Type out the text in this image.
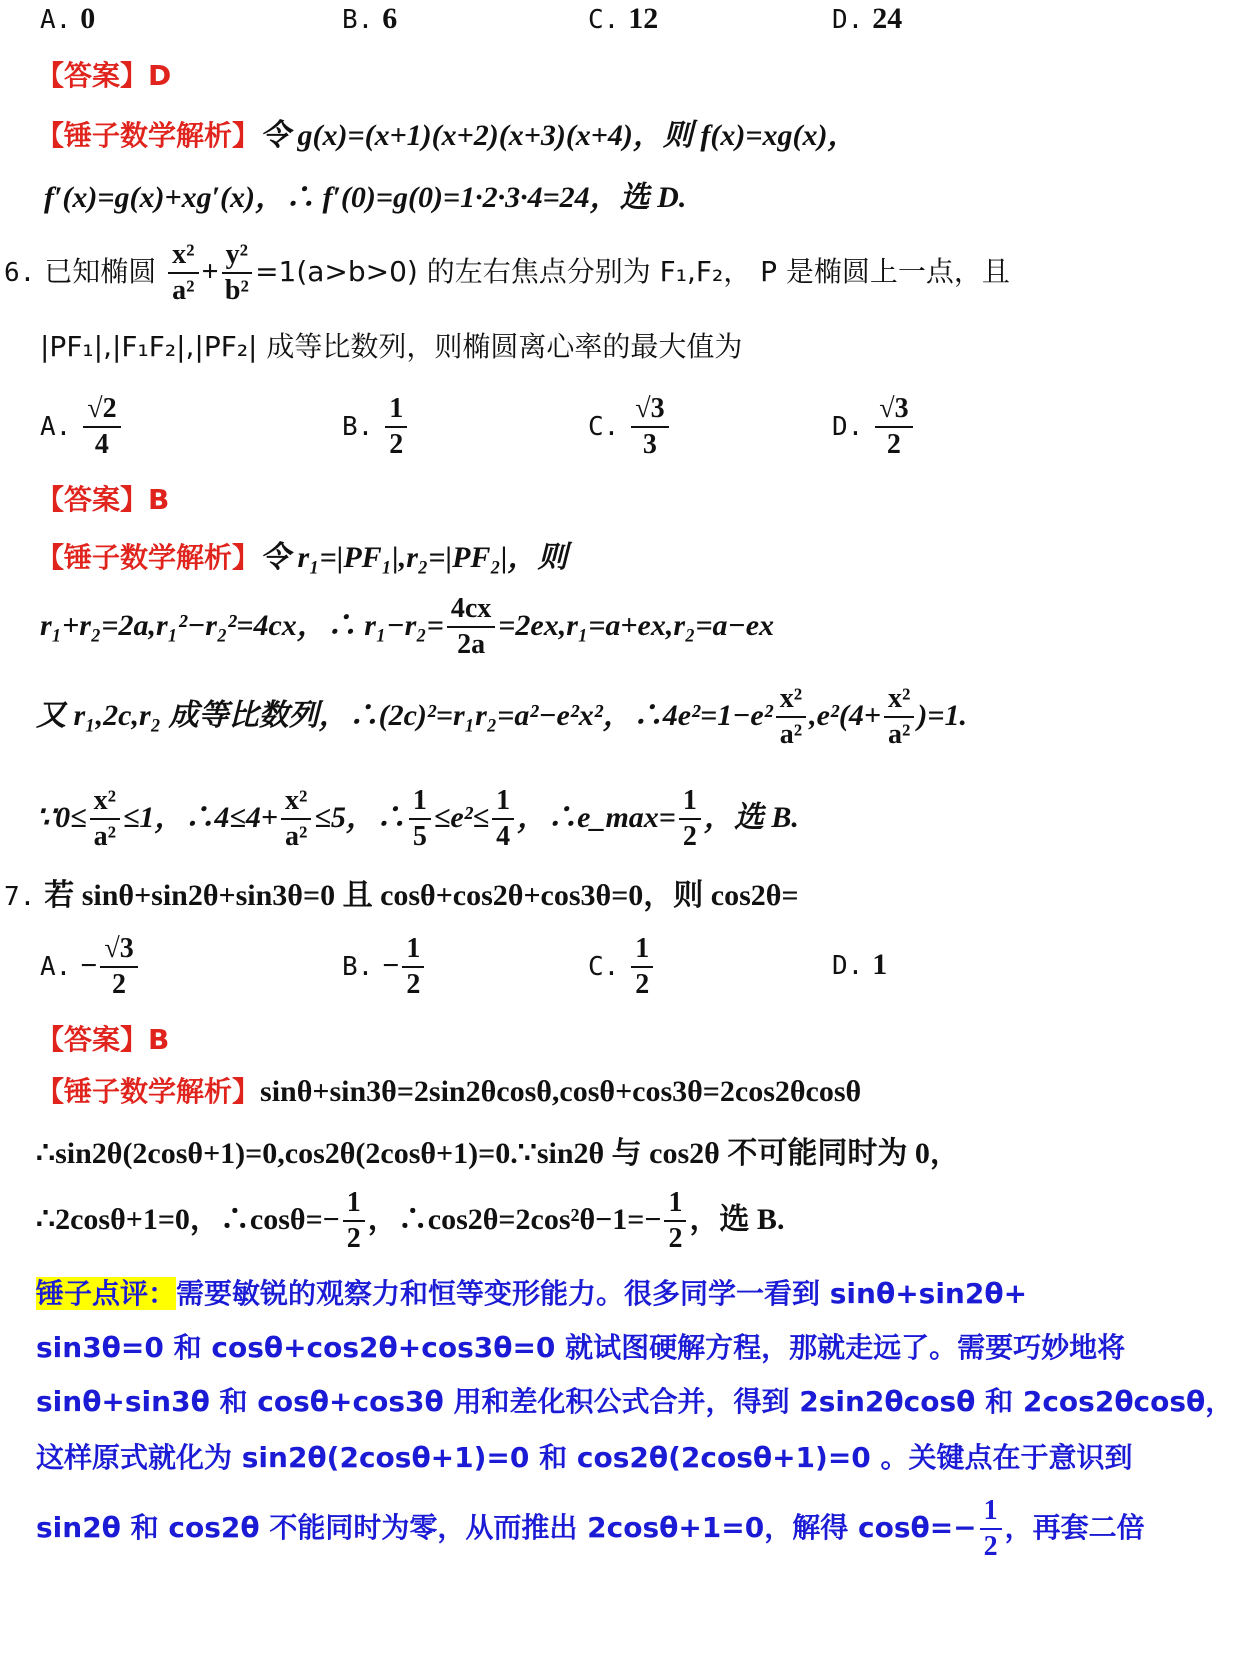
A. 0	B. 6	C. 12	D. 24
【答案】D
【锤子数学解析】令 g(x)=(x+1)(x+2)(x+3)(x+4)，则 f(x)=xg(x)，
f′(x)=g(x)+xg′(x)，∴ f′(0)=g(0)=1·2·3·4=24，选 D.
6. 已知椭圆 $\frac{\text{x²}}{\text{a²}} + \frac{\text{y²}}{\text{b²}} =1(a>b>0)$ 的左右焦点分别为 F₁,F₂， P 是椭圆上一点，且
|PF₁|,|F₁F₂|,|PF₂| 成等比数列，则椭圆离心率的最大值为
A. $\frac{√2}{4}$	B. $\frac{1}{2}$	C. $\frac{√3}{3}$	D. $\frac{√3}{2}$
【答案】B
【锤子数学解析】令 r₁=|PF₁|,r₂=|PF₂|，则
r₁+r₂=2a,r₁²−r₂²=4cx，∴ $r_1-r_2= \frac{4cx}{2a} =2ex,r_1=a+ex,r_2=a-ex$
又 r₁,2c,r₂ 成等比数列，∴(2c)²=r₁r₂=a²−e²x²，∴4e²=1−e² $\frac{\text{x²}}{\text{a²}} ,e^2(4+ \frac{\text{x²}}{\text{a²}} )=1$.
∵0≤ $\frac{\text{x²}}{\text{a²}} \le 1$，∴4≤4+ $\frac{\text{x²}}{\text{a²}} \le 5$，∴ $\frac{1}{5} \le e^2\le \frac{1}{4}$ ，∴e_max= $\frac{1}{2}$ ，选 B.
7. 若 sinθ+sin2θ+sin3θ=0 且 cosθ+cos2θ+cos3θ=0，则 cos2θ=
A. − $\frac{√3}{2}$	B. − $\frac{1}{2}$	C. $\frac{1}{2}$	D. 1
【答案】B
【锤子数学解析】sinθ+sin3θ=2sin2θcosθ,cosθ+cos3θ=2cos2θcosθ
∴sin2θ(2cosθ+1)=0,cos2θ(2cosθ+1)=0.∵sin2θ 与 cos2θ 不可能同时为 0，
∴2cosθ+1=0，∴cosθ=− $\frac{1}{2}$ ，∴cos2θ=2cos²θ−1=− $\frac{1}{2}$ ，选 B.
锤子点评：需要敏锐的观察力和恒等变形能力。很多同学一看到 sinθ+sin2θ+
sin3θ=0 和 cosθ+cos2θ+cos3θ=0 就试图硬解方程，那就走远了。需要巧妙地将
sinθ+sin3θ 和 cosθ+cos3θ 用和差化积公式合并，得到 2sin2θcosθ 和 2cos2θcosθ，
这样原式就化为 sin2θ(2cosθ+1)=0 和 cos2θ(2cosθ+1)=0 。关键点在于意识到
sin2θ 和 cos2θ 不能同时为零，从而推出 2cosθ+1=0，解得 $\cos\theta=- \frac{1}{2}$ ，再套二倍
